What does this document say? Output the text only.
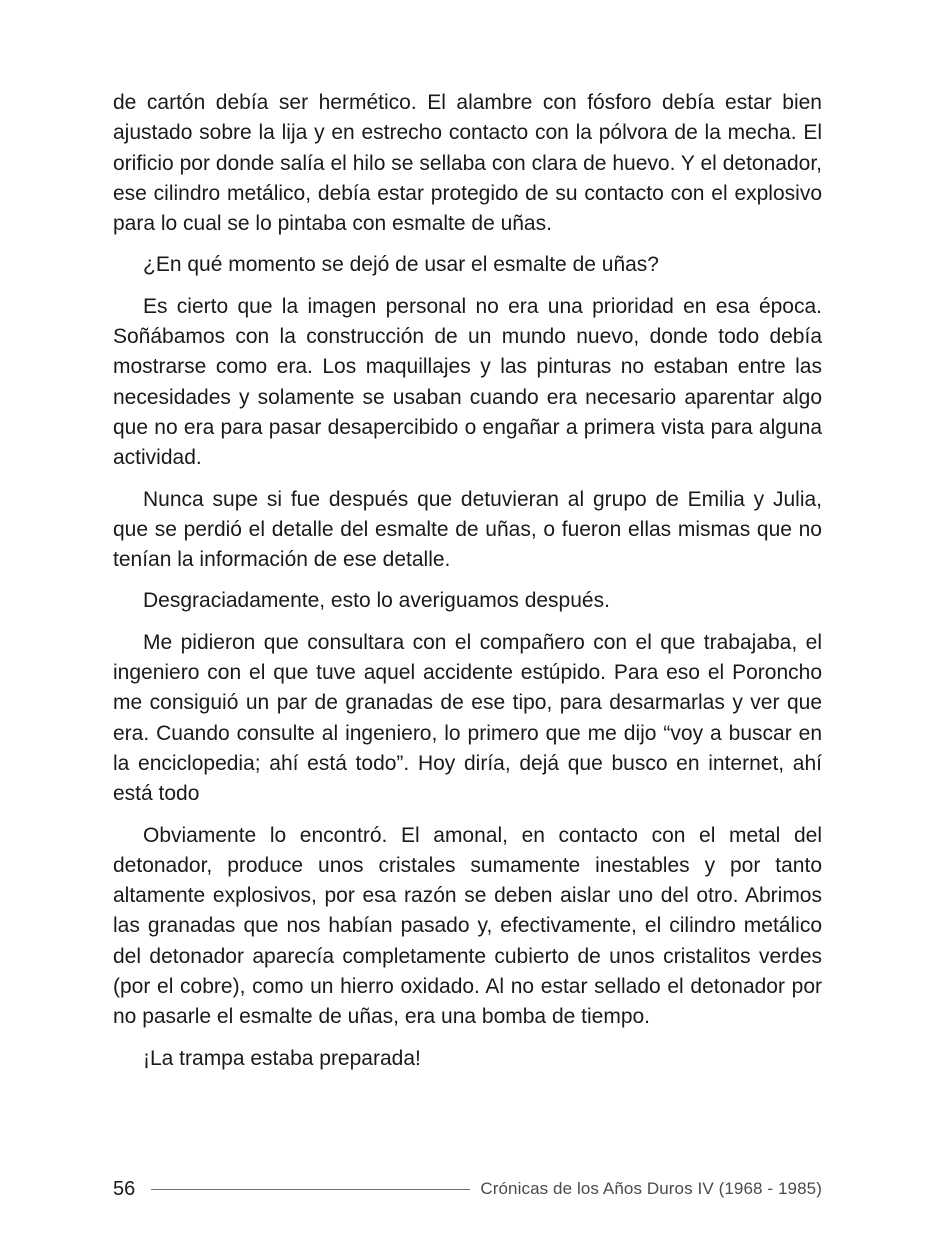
de cartón debía ser hermético. El alambre con fósforo debía estar bien ajustado sobre la lija y en estrecho contacto con la pólvora de la mecha. El orificio por donde salía el hilo se sellaba con clara de huevo. Y el detonador, ese cilindro metálico, debía estar protegido de su contacto con el explosivo para lo cual se lo pintaba con esmalte de uñas.

¿En qué momento se dejó de usar el esmalte de uñas?

Es cierto que la imagen personal no era una prioridad en esa época. Soñábamos con la construcción de un mundo nuevo, donde todo debía mostrarse como era. Los maquillajes y las pinturas no estaban entre las necesidades y solamente se usaban cuando era necesario aparentar algo que no era para pasar desapercibido o engañar a primera vista para alguna actividad.

Nunca supe si fue después que detuvieran al grupo de Emilia y Julia, que se perdió el detalle del esmalte de uñas, o fueron ellas mismas que no tenían la información de ese detalle.

Desgraciadamente, esto lo averiguamos después.

Me pidieron que consultara con el compañero con el que trabajaba, el ingeniero con el que tuve aquel accidente estúpido. Para eso el Poroncho me consiguió un par de granadas de ese tipo, para desarmarlas y ver que era. Cuando consulte al ingeniero, lo primero que me dijo “voy a buscar en la enciclopedia; ahí está todo”. Hoy diría, dejá que busco en internet, ahí está todo

Obviamente lo encontró. El amonal, en contacto con el metal del detonador, produce unos cristales sumamente inestables y por tanto altamente explosivos, por esa razón se deben aislar uno del otro. Abrimos las granadas que nos habían pasado y, efectivamente, el cilindro metálico del detonador aparecía completamente cubierto de unos cristalitos verdes (por el cobre), como un hierro oxidado. Al no estar sellado el detonador por no pasarle el esmalte de uñas, era una bomba de tiempo.

¡La trampa estaba preparada!

56	Crónicas de los Años Duros IV (1968 - 1985)
